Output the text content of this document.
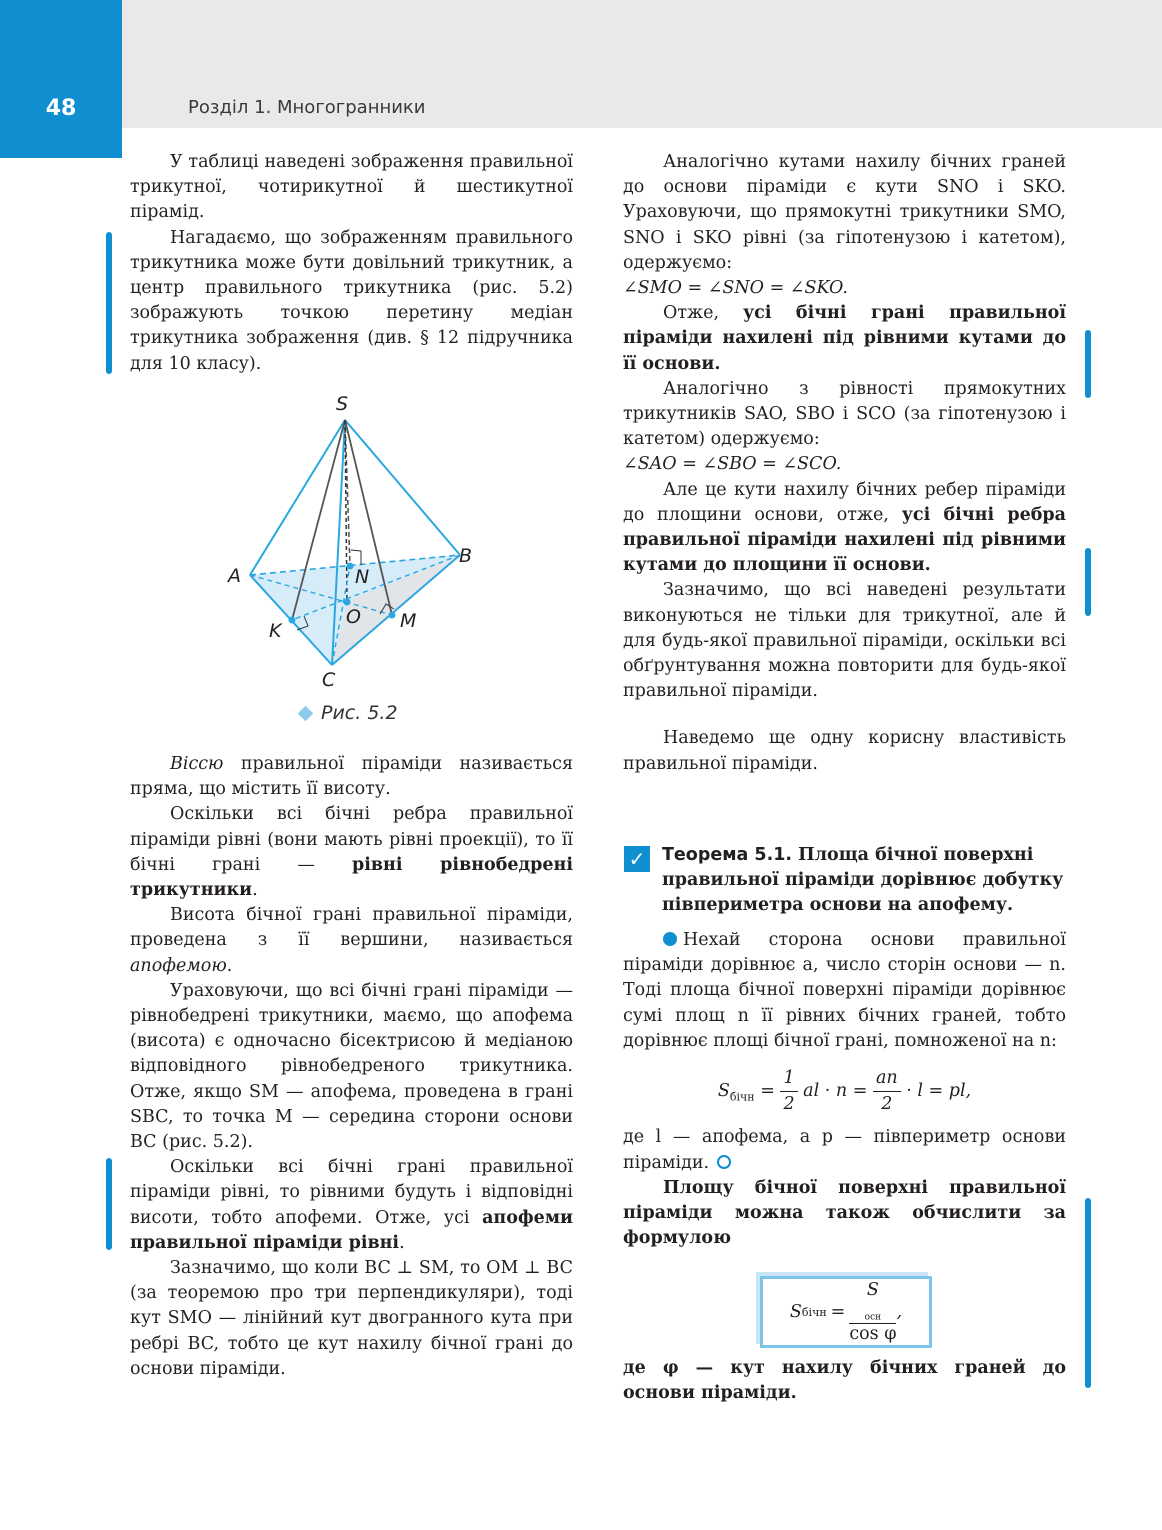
48	Розділ 1. Многогранники

У таблиці наведені зображення правильної трикутної, чотирикутної й шестикутної пірамід.

Нагадаємо, що зображенням правильного трикутника може бути довільний трикутник, а центр правильного трикутника (рис. 5.2) зображують точкою перетину медіан трикутника зображення (див. § 12 підручника для 10 класу).

S
A
B
C
N
O
K	M
Рис. 5.2

Віссю правильної піраміди називається пряма, що містить її висоту.

Оскільки всі бічні ребра правильної піраміди рівні (вони мають рівні проекції), то її бічні грані — рівні рівнобедрені трикутники.

Висота бічної грані правильної піраміди, проведена з її вершини, називається апофемою.

Ураховуючи, що всі бічні грані піраміди — рівнобедрені трикутники, маємо, що апофема (висота) є одночасно бісектрисою й медіаною відповідного рівнобедреного трикутника. Отже, якщо SM — апофема, проведена в грані SBC, то точка M — середина сторони основи BC (рис. 5.2).

Оскільки всі бічні грані правильної піраміди рівні, то рівними будуть і відповідні висоти, тобто апофеми. Отже, усі апофеми правильної піраміди рівні.

Зазначимо, що коли BC ⊥ SM, то OM ⊥ BC (за теоремою про три перпендикуляри), тоді кут SMO — лінійний кут двогранного кута при ребрі BC, тобто це кут нахилу бічної грані до основи піраміди.

Аналогічно кутами нахилу бічних граней до основи піраміди є кути SNO і SKO. Ураховуючи, що прямокутні трикутники SMO, SNO і SKO рівні (за гіпотенузою і катетом), одержуємо:

∠SMO = ∠SNO = ∠SKO.

Отже, усі бічні грані правильної піраміди нахилені під рівними кутами до її основи.

Аналогічно з рівності прямокутних трикутників SAO, SBO і SCO (за гіпотенузою і катетом) одержуємо:

∠SAO = ∠SBO = ∠SCO.

Але це кути нахилу бічних ребер піраміди до площини основи, отже, усі бічні ребра правильної піраміди нахилені під рівними кутами до площини її основи.

Зазначимо, що всі наведені результати виконуються не тільки для трикутної, але й для будь-якої правильної піраміди, оскільки всі обґрунтування можна повторити для будь-якої правильної піраміди.

Наведемо ще одну корисну властивість правильної піраміди.

✓ Теорема 5.1. Площа бічної поверхні правильної піраміди дорівнює добутку півпериметра основи на апофему.

Нехай сторона основи правильної піраміди дорівнює a, число сторін основи — n. Тоді площа бічної поверхні піраміди дорівнює сумі площ n її рівних бічних граней, тобто дорівнює площі бічної грані, помноженої на n:

$S_{бічн} = \frac{1}{2}$ al · $n = \frac{an}{2} \cdot l$ = pl,

де l — апофема, а p — півпериметр основи піраміди.

Площу бічної поверхні правильної піраміди можна також обчислити за формулою

S бічн = S
$_{осн}$
cos φ ,

де φ — кут нахилу бічних граней до основи піраміди.
